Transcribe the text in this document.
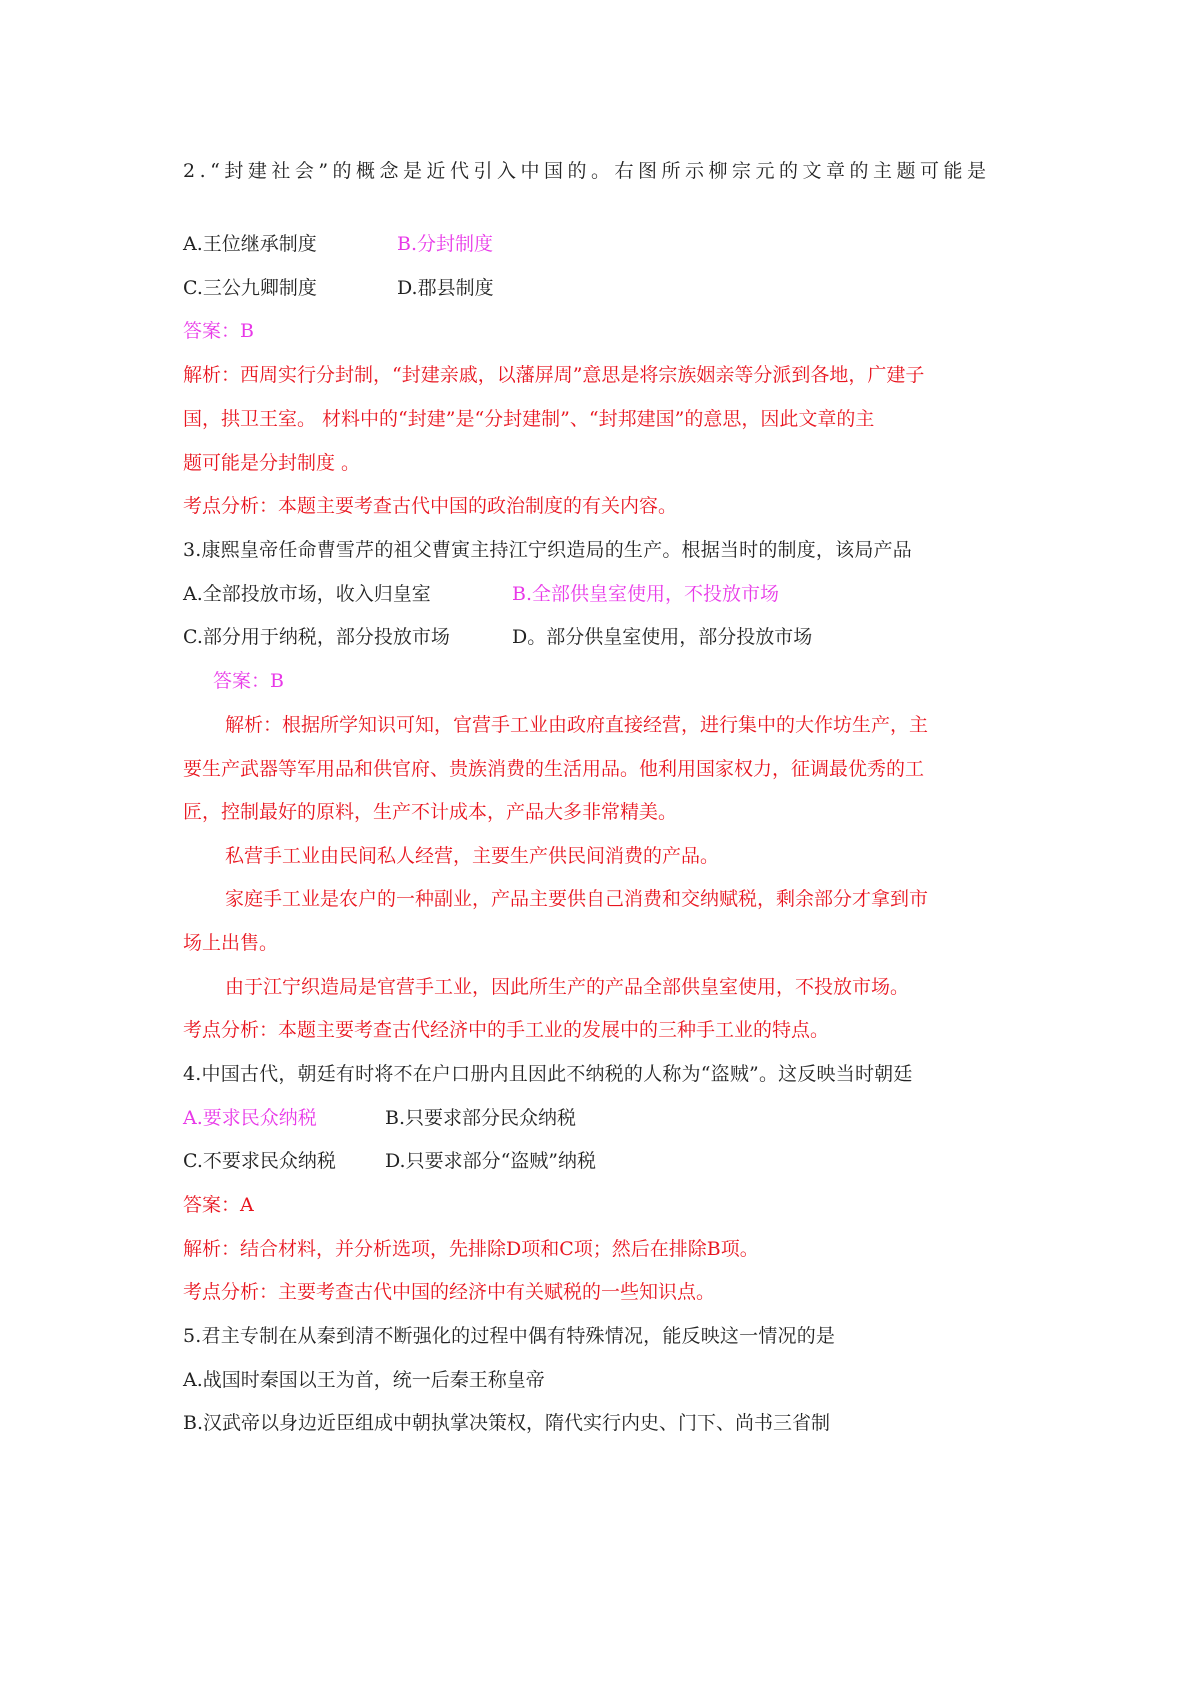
2.“封建社会”的概念是近代引入中国的。右图所示柳宗元的文章的主题可能是
A.王位继承制度	B.分封制度
C.三公九卿制度	D.郡县制度
答案：B
解析：西周实行分封制，“封建亲戚，以藩屏周”意思是将宗族姻亲等分派到各地，广建子
国，拱卫王室。 材料中的“封建”是“分封建制”、“封邦建国”的意思，因此文章的主
题可能是分封制度 。
考点分析：本题主要考查古代中国的政治制度的有关内容。
3.康熙皇帝任命曹雪芹的祖父曹寅主持江宁织造局的生产。根据当时的制度，该局产品
A.全部投放市场，收入归皇室	B.全部供皇室使用，不投放市场
C.部分用于纳税，部分投放市场	D。部分供皇室使用，部分投放市场
答案：B
解析：根据所学知识可知，官营手工业由政府直接经营，进行集中的大作坊生产，主
要生产武器等军用品和供官府、贵族消费的生活用品。他利用国家权力，征调最优秀的工
匠，控制最好的原料，生产不计成本，产品大多非常精美。
私营手工业由民间私人经营，主要生产供民间消费的产品。
家庭手工业是农户的一种副业，产品主要供自己消费和交纳赋税，剩余部分才拿到市
场上出售。
由于江宁织造局是官营手工业，因此所生产的产品全部供皇室使用，不投放市场。
考点分析：本题主要考查古代经济中的手工业的发展中的三种手工业的特点。
4.中国古代，朝廷有时将不在户口册内且因此不纳税的人称为“盗贼”。这反映当时朝廷
A.要求民众纳税	B.只要求部分民众纳税
C.不要求民众纳税	D.只要求部分“盗贼”纳税
答案：A
解析：结合材料，并分析选项，先排除D项和C项；然后在排除B项。
考点分析：主要考查古代中国的经济中有关赋税的一些知识点。
5.君主专制在从秦到清不断强化的过程中偶有特殊情况，能反映这一情况的是
A.战国时秦国以王为首，统一后秦王称皇帝
B.汉武帝以身边近臣组成中朝执掌决策权，隋代实行内史、门下、尚书三省制
